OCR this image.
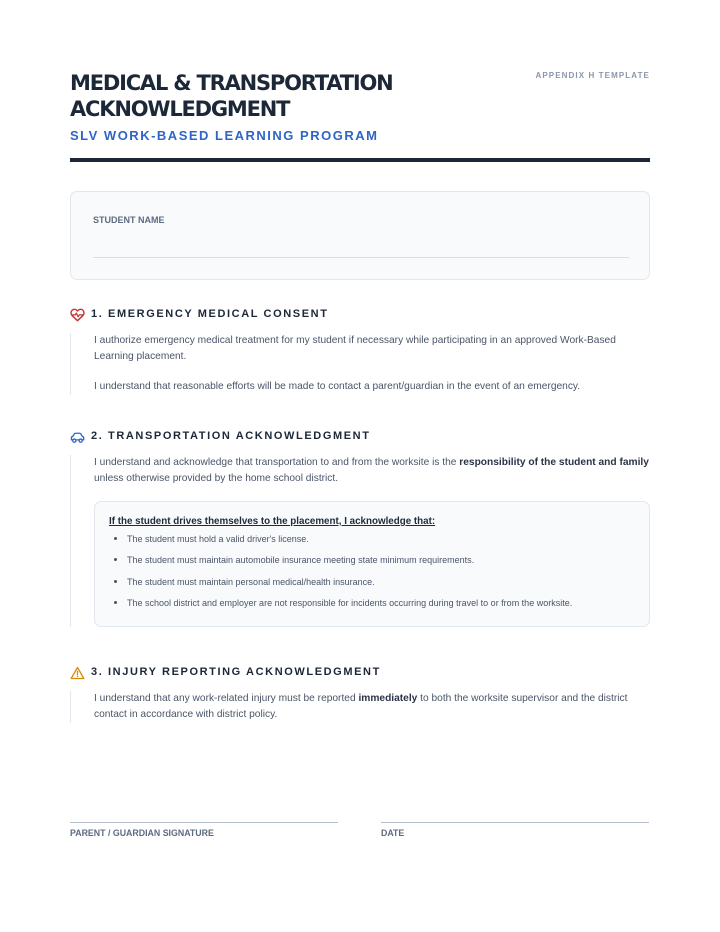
MEDICAL & TRANSPORTATION ACKNOWLEDGMENT
SLV WORK-BASED LEARNING PROGRAM
APPENDIX H TEMPLATE
STUDENT NAME
1. EMERGENCY MEDICAL CONSENT

I authorize emergency medical treatment for my student if necessary while participating in an approved Work-Based Learning placement.

I understand that reasonable efforts will be made to contact a parent/guardian in the event of an emergency.

2. TRANSPORTATION ACKNOWLEDGMENT

I understand and acknowledge that transportation to and from the worksite is the responsibility of the student and family unless otherwise provided by the home school district.

If the student drives themselves to the placement, I acknowledge that:
The student must hold a valid driver's license.
The student must maintain automobile insurance meeting state minimum requirements.
The student must maintain personal medical/health insurance.
The school district and employer are not responsible for incidents occurring during travel to or from the worksite.
3. INJURY REPORTING ACKNOWLEDGMENT

I understand that any work-related injury must be reported immediately to both the worksite supervisor and the district contact in accordance with district policy.

PARENT / GUARDIAN SIGNATURE	DATE
